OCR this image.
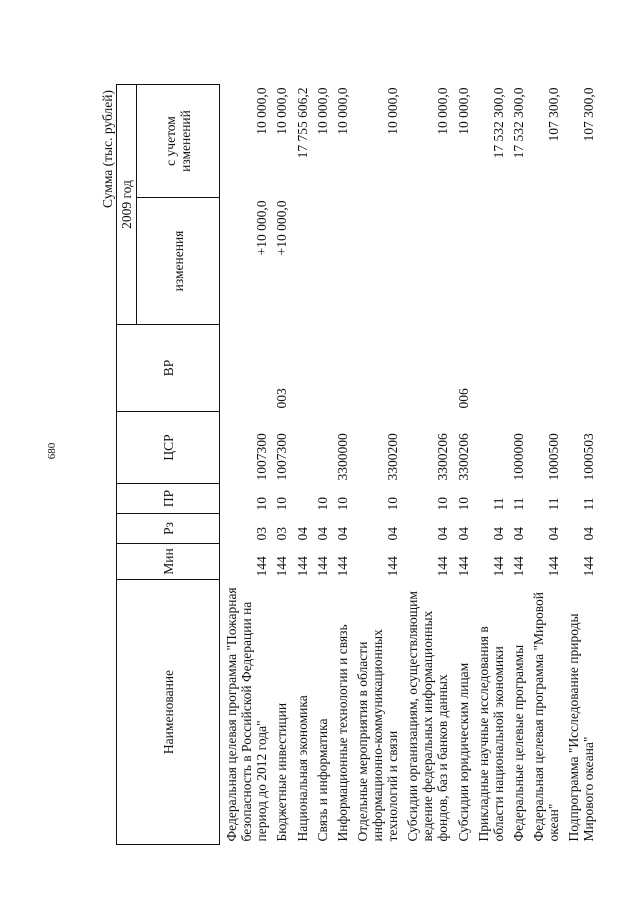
680
Сумма (тыс. рублей)
Наименование	Мин	Рз	ПР	ЦСР	ВР	2009 год	
						изменения	с учетом изменений
Федеральная целевая программа "Пожарная безопасность в Российской Федерации на период до 2012 года"	144	03	10	1007300		+10 000,0	10 000,0
Бюджетные инвестиции	144	03	10	1007300	003	+10 000,0	10 000,0
Национальная экономика	144	04					17 755 606,2
Связь и информатика	144	04	10				10 000,0
Информационные технологии и связь	144	04	10	3300000			10 000,0
Отдельные мероприятия в области информационно-коммуникационных технологий и связи	144	04	10	3300200			10 000,0
Субсидии организациям, осуществляющим ведение федеральных информационных фондов, баз и банков данных	144	04	10	3300206			10 000,0
Субсидии юридическим лицам	144	04	10	3300206	006		10 000,0
Прикладные научные исследования в области национальной экономики	144	04	11				17 532 300,0
Федеральные целевые программы	144	04	11	1000000			17 532 300,0
Федеральная целевая программа "Мировой океан"	144	04	11	1000500			107 300,0
Подпрограмма "Исследование природы Мирового океана"	144	04	11	1000503			107 300,0
